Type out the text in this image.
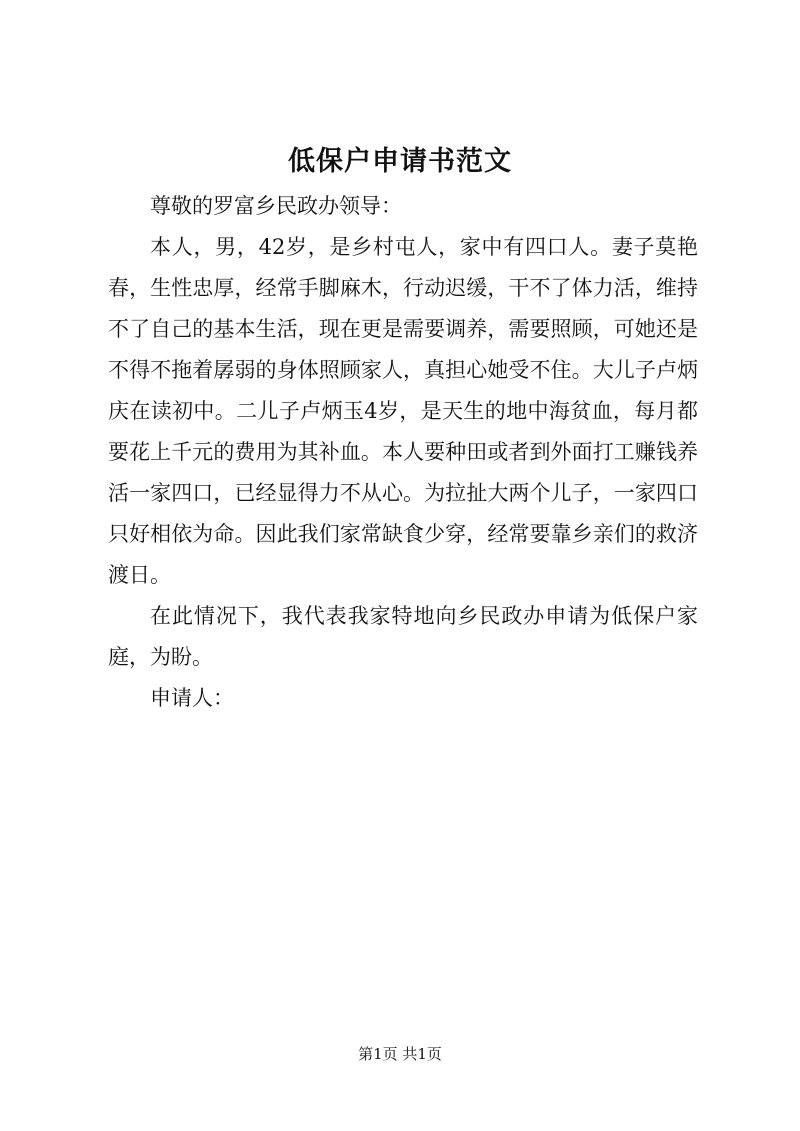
低保户申请书范文

尊敬的罗富乡民政办领导：

本人，男，42岁，是乡村屯人，家中有四口人。妻子莫艳春，生性忠厚，经常手脚麻木，行动迟缓，干不了体力活，维持不了自己的基本生活，现在更是需要调养，需要照顾，可她还是不得不拖着孱弱的身体照顾家人，真担心她受不住。大儿子卢炳庆在读初中。二儿子卢炳玉4岁，是天生的地中海贫血，每月都要花上千元的费用为其补血。本人要种田或者到外面打工赚钱养活一家四口，已经显得力不从心。为拉扯大两个儿子，一家四口只好相依为命。因此我们家常缺食少穿，经常要靠乡亲们的救济渡日。

在此情况下，我代表我家特地向乡民政办申请为低保户家庭，为盼。

申请人：

第1页 共1页
